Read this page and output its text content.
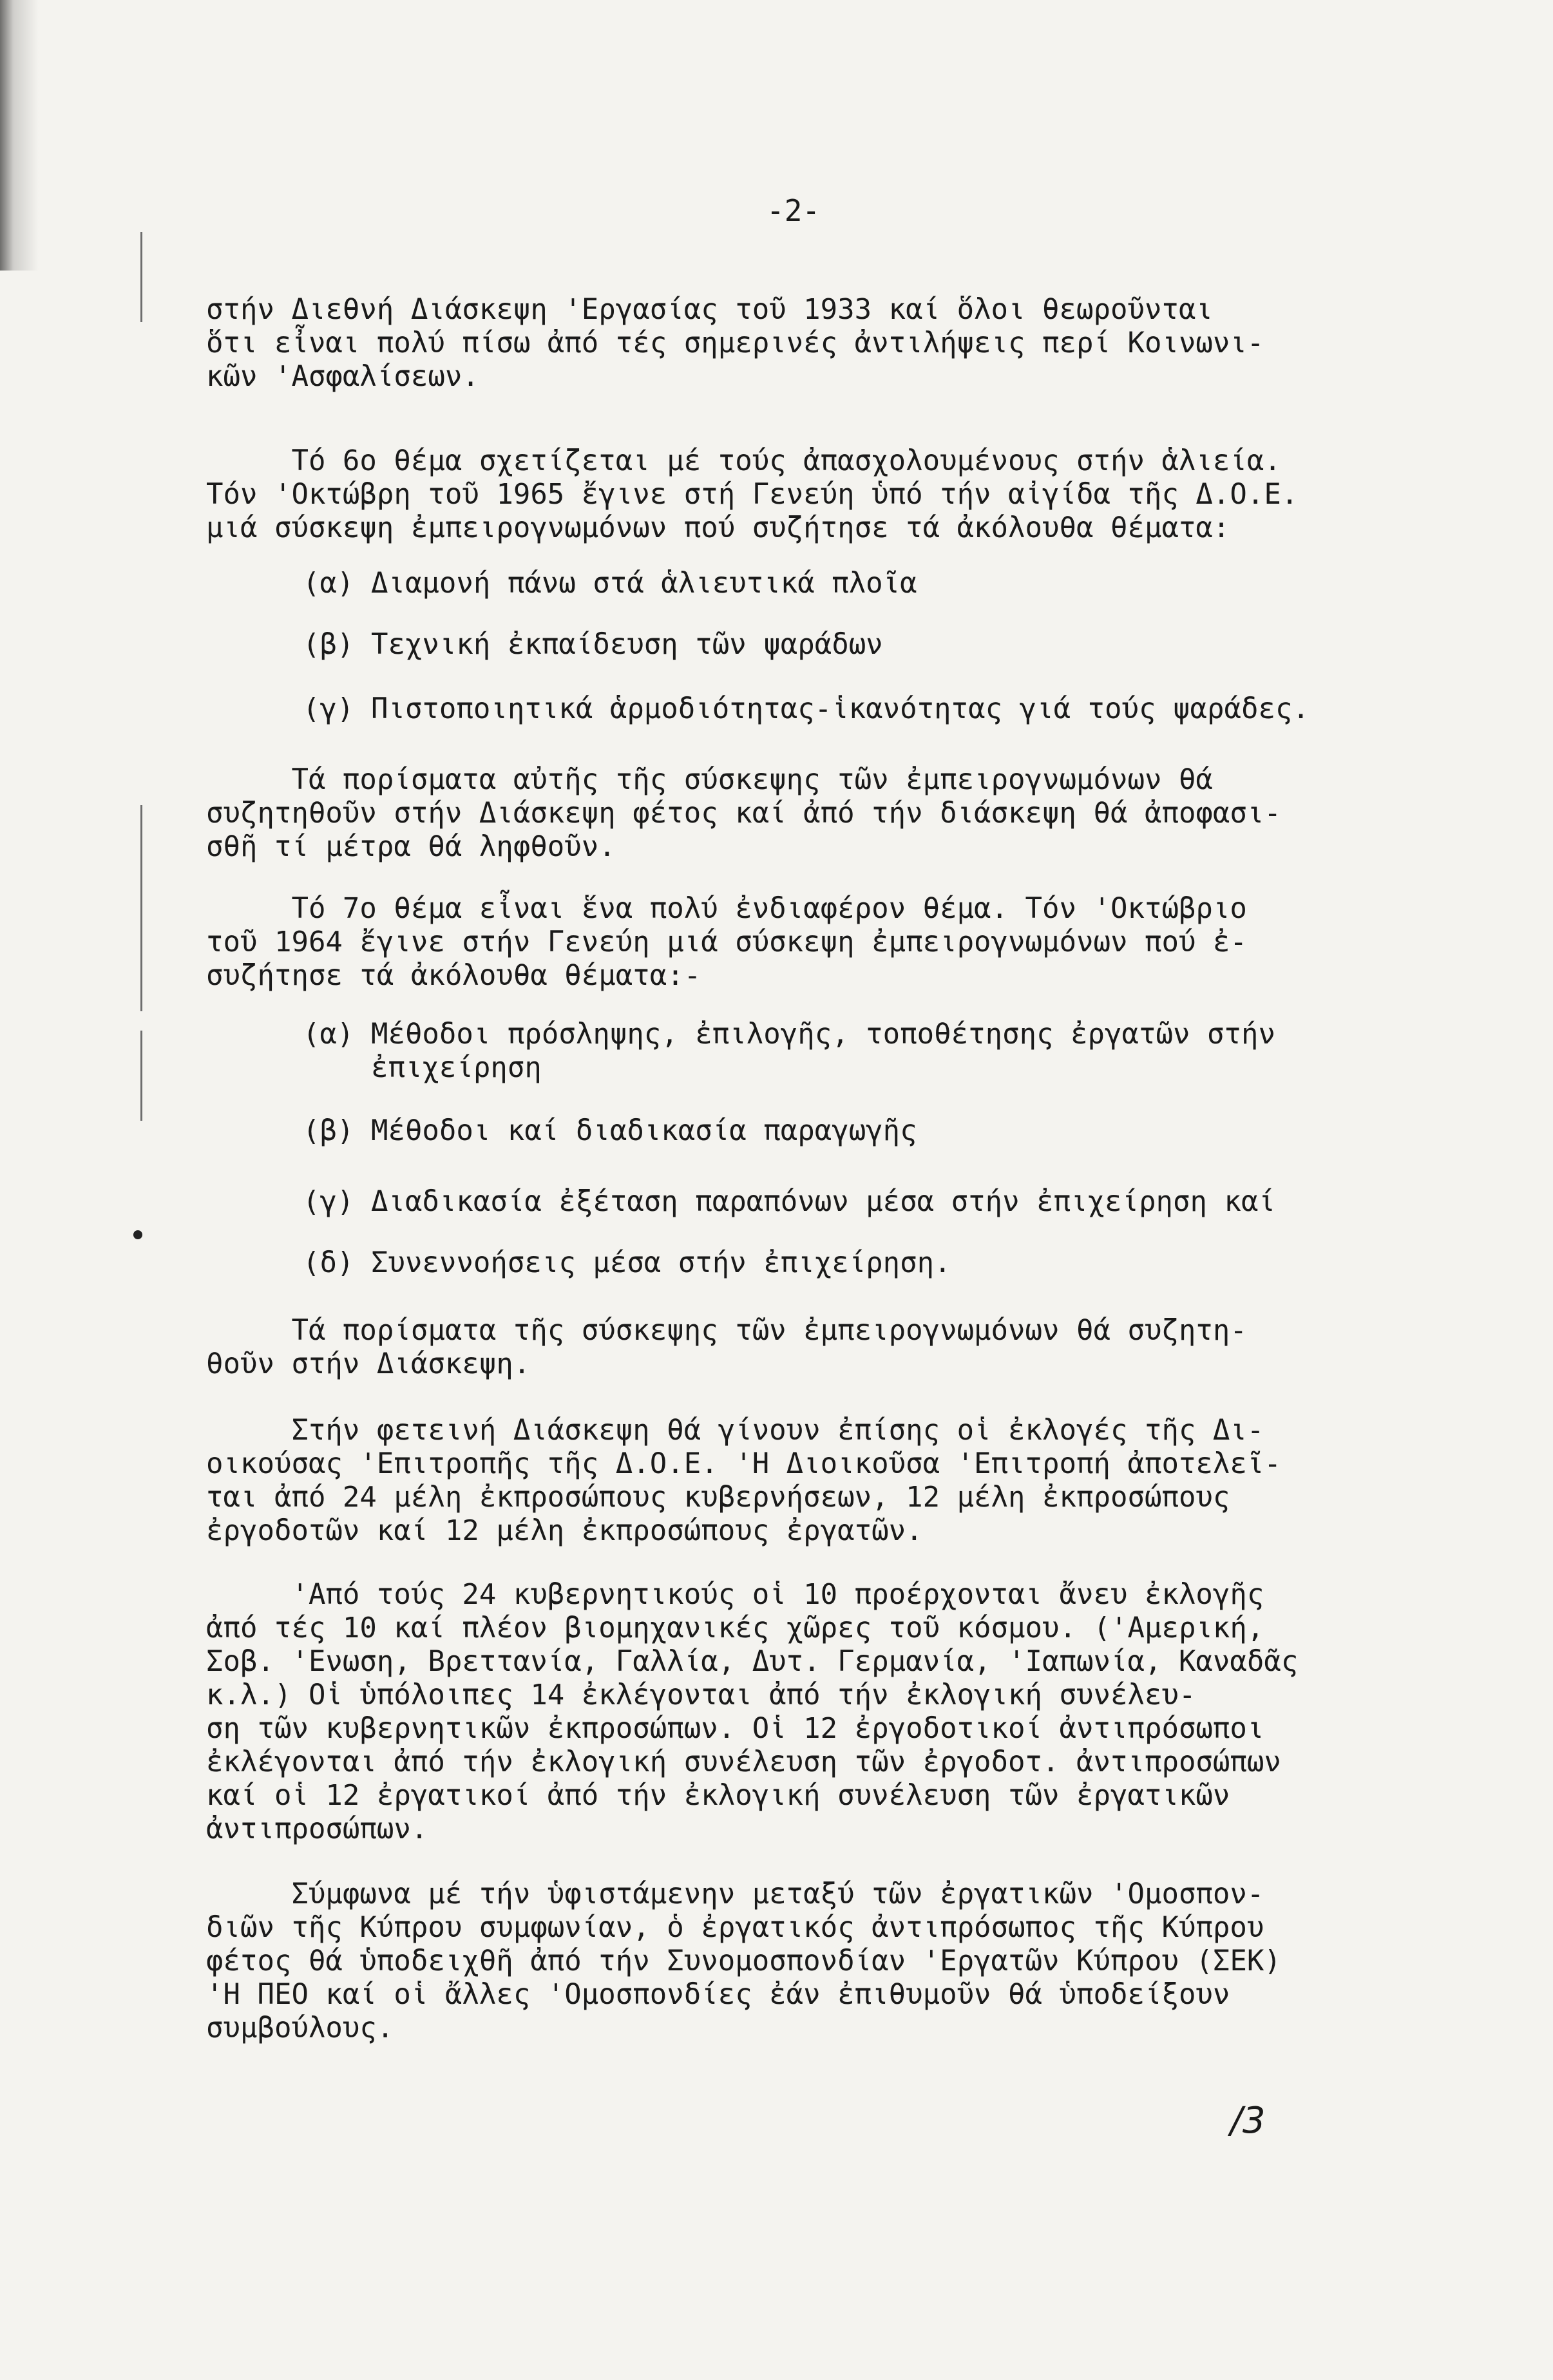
-2-
στήν Διεθνή Διάσκεψη 'Εργασίας τοῦ 1933 καί ὅλοι θεωροῦνται
ὅτι εἶναι πολύ πίσω ἀπό τές σημερινές ἀντιλήψεις περί Κοινωνι-
κῶν 'Ασφαλίσεων.
Τό 6ο θέμα σχετίζεται μέ τούς ἀπασχολουμένους στήν ἁλιεία.
Τόν 'Οκτώβρη τοῦ 1965 ἔγινε στή Γενεύη ὑπό τήν αἰγίδα τῆς Δ.Ο.Ε.
μιά σύσκεψη ἐμπειρογνωμόνων πού συζήτησε τά ἀκόλουθα θέματα:
(α) Διαμονή πάνω στά ἁλιευτικά πλοῖα
(β) Τεχνική ἐκπαίδευση τῶν ψαράδων
(γ) Πιστοποιητικά ἁρμοδιότητας-ἱκανότητας γιά τούς ψαράδες.
Τά πορίσματα αὐτῆς τῆς σύσκεψης τῶν ἐμπειρογνωμόνων θά
συζητηθοῦν στήν Διάσκεψη φέτος καί ἀπό τήν διάσκεψη θά ἀποφασι-
σθῆ τί μέτρα θά ληφθοῦν.
Τό 7ο θέμα εἶναι ἕνα πολύ ἐνδιαφέρον θέμα. Τόν 'Οκτώβριο
τοῦ 1964 ἔγινε στήν Γενεύη μιά σύσκεψη ἐμπειρογνωμόνων πού ἐ-
συζήτησε τά ἀκόλουθα θέματα:-
(α) Μέθοδοι πρόσληψης, ἐπιλογῆς, τοποθέτησης ἐργατῶν στήν
ἐπιχείρηση
(β) Μέθοδοι καί διαδικασία παραγωγῆς
(γ) Διαδικασία ἐξέταση παραπόνων μέσα στήν ἐπιχείρηση καί
(δ) Συνεννοήσεις μέσα στήν ἐπιχείρηση.
Τά πορίσματα τῆς σύσκεψης τῶν ἐμπειρογνωμόνων θά συζητη-
θοῦν στήν Διάσκεψη.
Στήν φετεινή Διάσκεψη θά γίνουν ἐπίσης οἱ ἐκλογές τῆς Δι-
οικούσας 'Επιτροπῆς τῆς Δ.Ο.Ε. 'Η Διοικοῦσα 'Επιτροπή ἀποτελεῖ-
ται ἀπό 24 μέλη ἐκπροσώπους κυβερνήσεων, 12 μέλη ἐκπροσώπους
ἐργοδοτῶν καί 12 μέλη ἐκπροσώπους ἐργατῶν.
'Από τούς 24 κυβερνητικούς οἱ 10 προέρχονται ἄνευ ἐκλογῆς
ἀπό τές 10 καί πλέον βιομηχανικές χῶρες τοῦ κόσμου. ('Αμερική,
Σοβ. 'Ενωση, Βρεττανία, Γαλλία, Δυτ. Γερμανία, 'Ιαπωνία, Καναδᾶς
κ.λ.) Οἱ ὑπόλοιπες 14 ἐκλέγονται ἀπό τήν ἐκλογική συνέλευ-
ση τῶν κυβερνητικῶν ἐκπροσώπων. Οἱ 12 ἐργοδοτικοί ἀντιπρόσωποι
ἐκλέγονται ἀπό τήν ἐκλογική συνέλευση τῶν ἐργοδοτ. ἀντιπροσώπων
καί οἱ 12 ἐργατικοί ἀπό τήν ἐκλογική συνέλευση τῶν ἐργατικῶν
ἀντιπροσώπων.
Σύμφωνα μέ τήν ὑφιστάμενην μεταξύ τῶν ἐργατικῶν 'Ομοσπον-
διῶν τῆς Κύπρου συμφωνίαν, ὁ ἐργατικός ἀντιπρόσωπος τῆς Κύπρου
φέτος θά ὑποδειχθῆ ἀπό τήν Συνομοσπονδίαν 'Εργατῶν Κύπρου (ΣΕΚ)
'Η ΠΕΟ καί οἱ ἄλλες 'Ομοσπονδίες ἐάν ἐπιθυμοῦν θά ὑποδείξουν
συμβούλους.
/3
